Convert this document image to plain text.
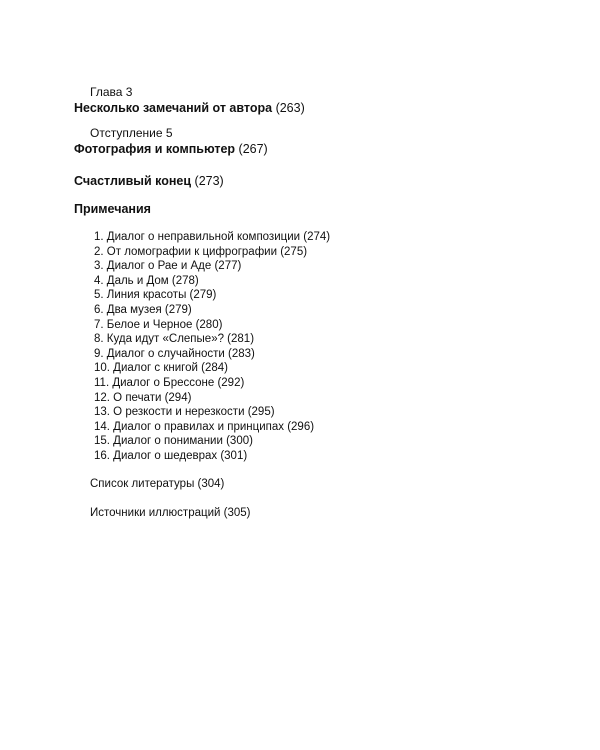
Глава 3
Несколько замечаний от автора (263)
Отступление 5
Фотография и компьютер (267)
Счастливый конец (273)
Примечания
1. Диалог о неправильной композиции (274)
2. От ломографии к цифрографии (275)
3. Диалог о Рае и Аде (277)
4. Даль и Дом (278)
5. Линия красоты (279)
6. Два музея (279)
7. Белое и Черное (280)
8. Куда идут «Слепые»? (281)
9. Диалог о случайности (283)
10. Диалог с книгой (284)
11. Диалог о Брессоне (292)
12. О печати (294)
13. О резкости и нерезкости (295)
14. Диалог о правилах и принципах (296)
15. Диалог о понимании (300)
16. Диалог о шедеврах (301)
Список литературы (304)
Источники иллюстраций (305)
